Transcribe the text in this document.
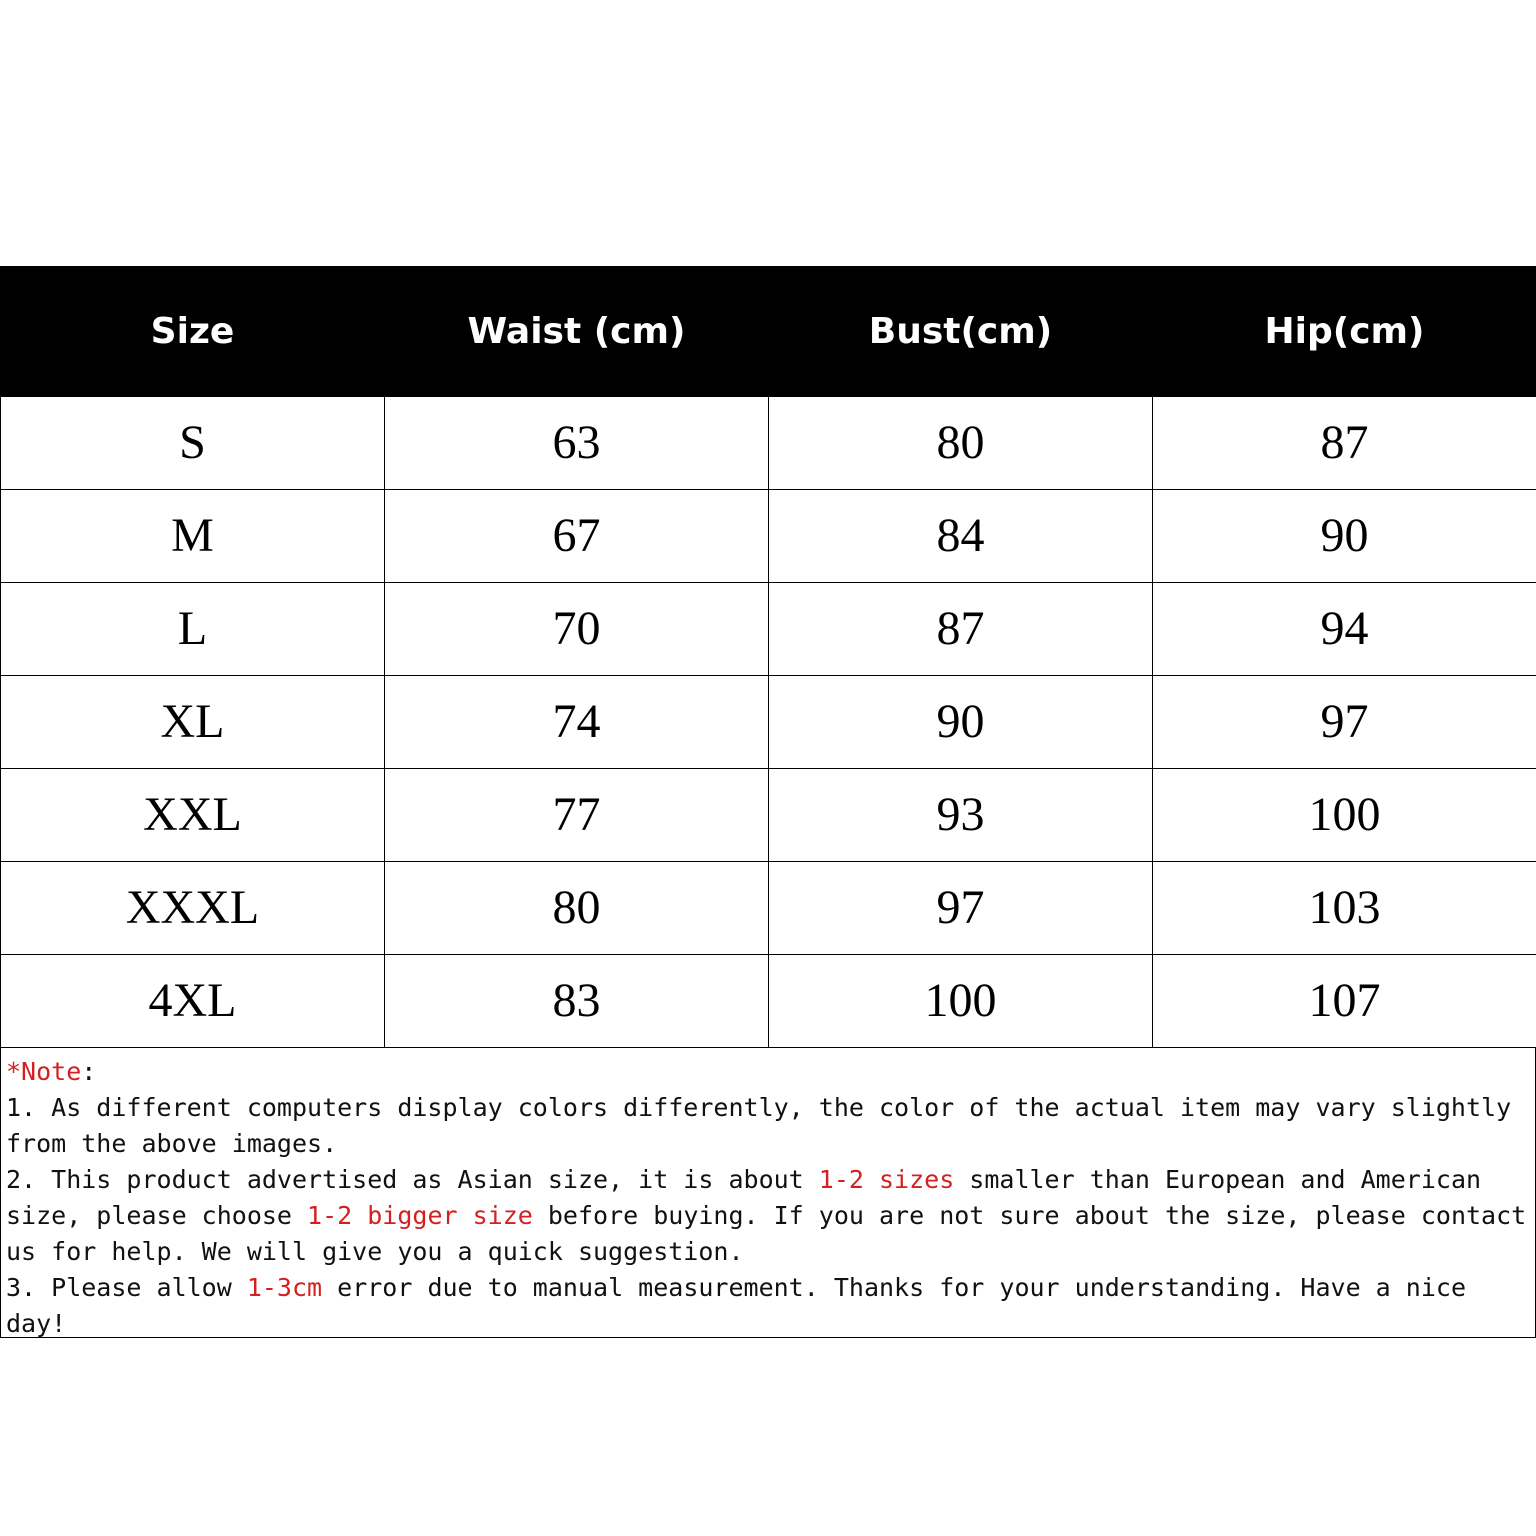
Size	Waist (cm)	Bust(cm)	Hip(cm)
S	63	80	87
M	67	84	90
L	70	87	94
XL	74	90	97
XXL	77	93	100
XXXL	80	97	103
4XL	83	100	107

*Note:

1. As different computers display colors differently, the color of the actual item may vary slightly from the above images.

2. This product advertised as Asian size, it is about 1-2 sizes smaller than European and American size, please choose 1-2 bigger size before buying. If you are not sure about the size, please contact us for help. We will give you a quick suggestion.

3. Please allow 1-3cm error due to manual measurement. Thanks for your understanding. Have a nice day!
